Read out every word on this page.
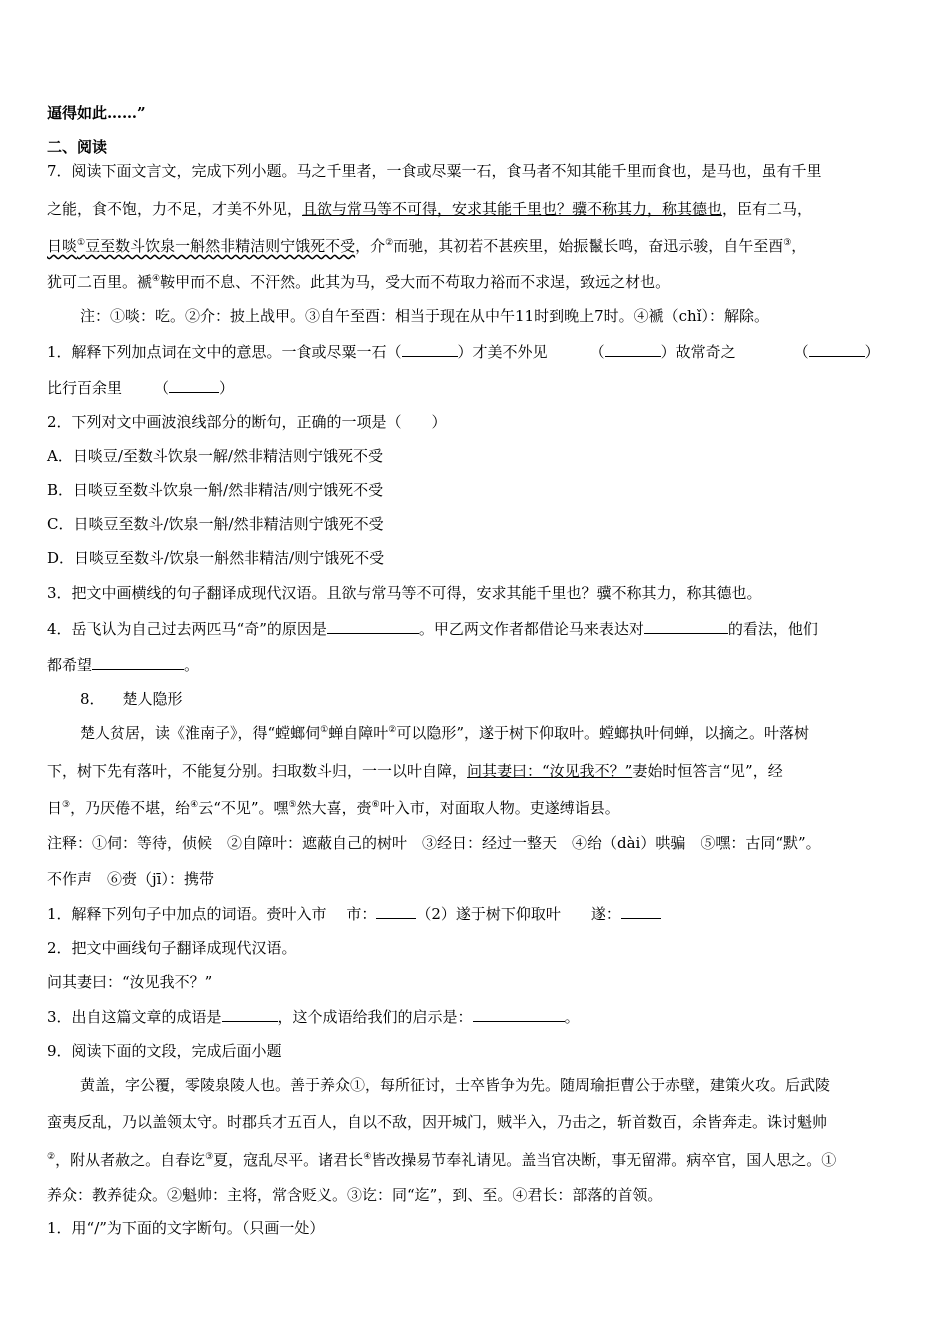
逼得如此……”
二、阅读
7．阅读下面文言文，完成下列小题。马之千里者，一食或尽粟一石，食马者不知其能千里而食也，是马也，虽有千里
之能，食不饱，力不足，才美不外见，且欲与常马等不可得，安求其能千里也？骥不称其力，称其德也，臣有二马，
日啖①豆至数斗饮泉一斛然非精洁则宁饿死不受，介②而驰，其初若不甚疾里，始振鬣长鸣，奋迅示骏，自午至酉③，
犹可二百里。褫④鞍甲而不息、不汗然。此其为马，受大而不苟取力裕而不求逞，致远之材也。
注：①啖：吃。②介：披上战甲。③自午至酉：相当于现在从中午11时到晚上7时。④褫（chǐ）：解除。
1．解释下列加点词在文中的意思。一食或尽粟一石（	）才美不外见	（	）故常奇之	（	）
比行百余里 （	）
2．下列对文中画波浪线部分的断句，正确的一项是（　　）
A．日啖豆/至数斗饮泉一解/然非精洁则宁饿死不受
B．日啖豆至数斗饮泉一斛/然非精洁/则宁饿死不受
C．日啖豆至数斗/饮泉一斛/然非精洁则宁饿死不受
D．日啖豆至数斗/饮泉一斛然非精洁/则宁饿死不受
3．把文中画横线的句子翻译成现代汉语。且欲与常马等不可得，安求其能千里也？骥不称其力，称其德也。
4．岳飞认为自己过去两匹马“奇”的原因是	。甲乙两文作者都借论马来表达对	的看法，他们
都希望	。
8． 楚人隐形
楚人贫居，读《淮南子》，得“螳螂伺①蝉自障叶②可以隐形”，遂于树下仰取叶。螳螂执叶伺蝉，以摘之。叶落树
下，树下先有落叶，不能复分别。扫取数斗归，一一以叶自障，问其妻曰：“汝见我不？”妻始时恒答言“见”，经
日③，乃厌倦不堪，绐④云“不见”。嘿⑤然大喜，赍⑥叶入市，对面取人物。吏遂缚诣县。
注释：①伺：等待，侦候　②自障叶：遮蔽自己的树叶　③经日：经过一整天　④绐（dài）哄骗　⑤嘿：古同“默”。
不作声　⑥赍（jī）：携带
1．解释下列句子中加点的词语。赍叶入市　 市：	（2）遂于树下仰取叶　　遂：
2．把文中画线句子翻译成现代汉语。
问其妻曰：“汝见我不？”
3．出自这篇文章的成语是	，这个成语给我们的启示是：	。
9．阅读下面的文段，完成后面小题
黄盖，字公覆，零陵泉陵人也。善于养众①，每所征讨，士卒皆争为先。随周瑜拒曹公于赤壁，建策火攻。后武陵
蛮夷反乱，乃以盖领太守。时郡兵才五百人，自以不敌，因开城门，贼半入，乃击之，斩首数百，余皆奔走。诛讨魁帅
②，附从者赦之。自春讫③夏，寇乱尽平。诸君长④皆改操易节奉礼请见。盖当官决断，事无留滞。病卒官，国人思之。①
养众：教养徒众。②魁帅：主将，常含贬义。③讫：同“迄”，到、至。④君长：部落的首领。
1．用“/”为下面的文字断句。（只画一处）
